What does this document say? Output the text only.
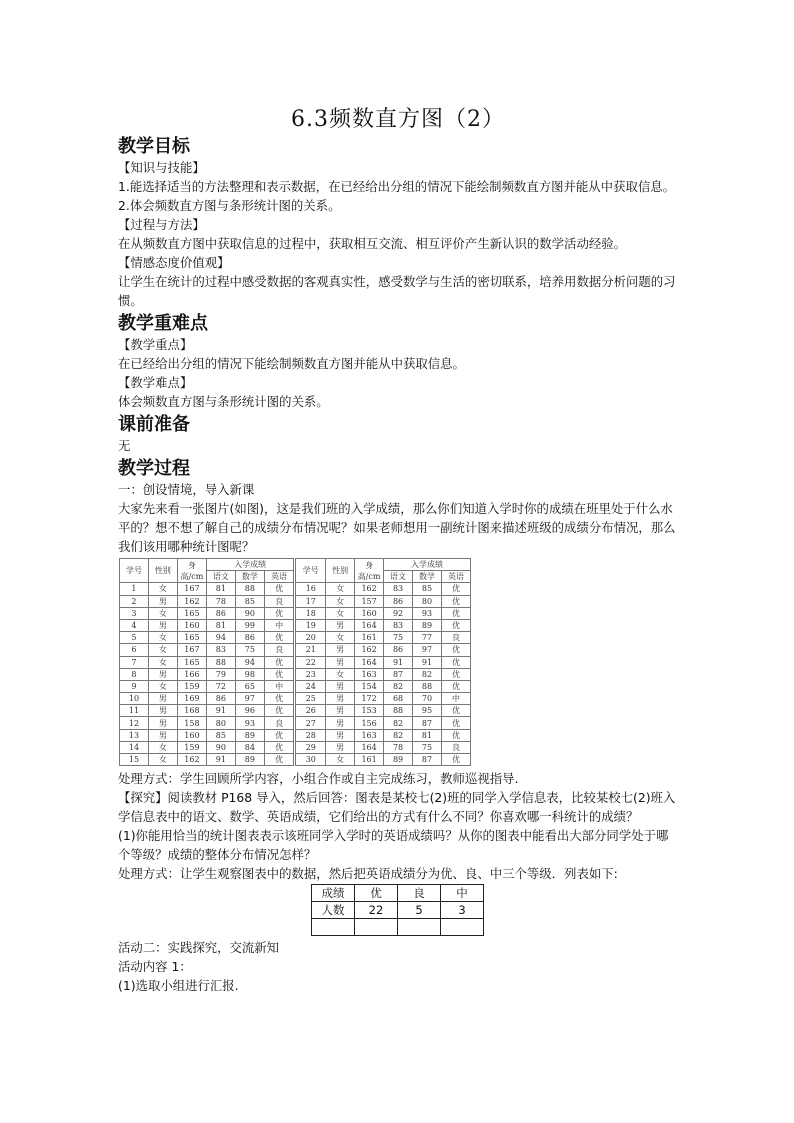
6.3频数直方图（2）

教学目标

【知识与技能】

1.能选择适当的方法整理和表示数据，在已经给出分组的情况下能绘制频数直方图并能从中获取信息。

2.体会频数直方图与条形统计图的关系。

【过程与方法】

在从频数直方图中获取信息的过程中，获取相互交流、相互评价产生新认识的数学活动经验。

【情感态度价值观】

让学生在统计的过程中感受数据的客观真实性，感受数学与生活的密切联系，培养用数据分析问题的习惯。

教学重难点

【教学重点】

在已经给出分组的情况下能绘制频数直方图并能从中获取信息。

【教学难点】

体会频数直方图与条形统计图的关系。

课前准备

无

教学过程

一：创设情境，导入新课

大家先来看一张图片(如图)，这是我们班的入学成绩，那么你们知道入学时你的成绩在班里处于什么水平的？想不想了解自己的成绩分布情况呢？如果老师想用一副统计图来描述班级的成绩分布情况，那么我们该用哪种统计图呢？

学号	性别	身高/cm	入学成绩			学号	性别	身高/cm	入学成绩		
			语文	数学	英语				语文	数学	英语
1	女	167	81	88	优	16	女	162	83	85	优
2	男	162	78	85	良	17	女	157	86	80	优
3	女	165	86	90	优	18	女	160	92	93	优
4	男	160	81	99	中	19	男	164	83	89	优
5	女	165	94	86	优	20	女	161	75	77	良
6	女	167	83	75	良	21	男	162	86	97	优
7	女	165	88	94	优	22	男	164	91	91	优
8	男	166	79	98	优	23	女	163	87	82	优
9	女	159	72	65	中	24	男	154	82	88	优
10	男	169	86	97	优	25	男	172	68	70	中
11	男	168	91	96	优	26	男	153	88	95	优
12	男	158	80	93	良	27	男	156	82	87	优
13	男	160	85	89	优	28	男	163	82	81	优
14	女	159	90	84	优	29	男	164	78	75	良
15	女	162	91	89	优	30	女	161	89	87	优

处理方式：学生回顾所学内容，小组合作或自主完成练习，教师巡视指导.

【探究】阅读教材 P168 导入，然后回答：图表是某校七(2)班的同学入学信息表，比较某校七(2)班入学信息表中的语文、数学、英语成绩，它们给出的方式有什么不同？你喜欢哪一科统计的成绩？

(1)你能用恰当的统计图表表示该班同学入学时的英语成绩吗？从你的图表中能看出大部分同学处于哪个等级？成绩的整体分布情况怎样？

处理方式：让学生观察图表中的数据，然后把英语成绩分为优、良、中三个等级．列表如下:

成绩	优	良	中
人数	22	5	3

活动二：实践探究，交流新知

活动内容 1：

(1)选取小组进行汇报.
